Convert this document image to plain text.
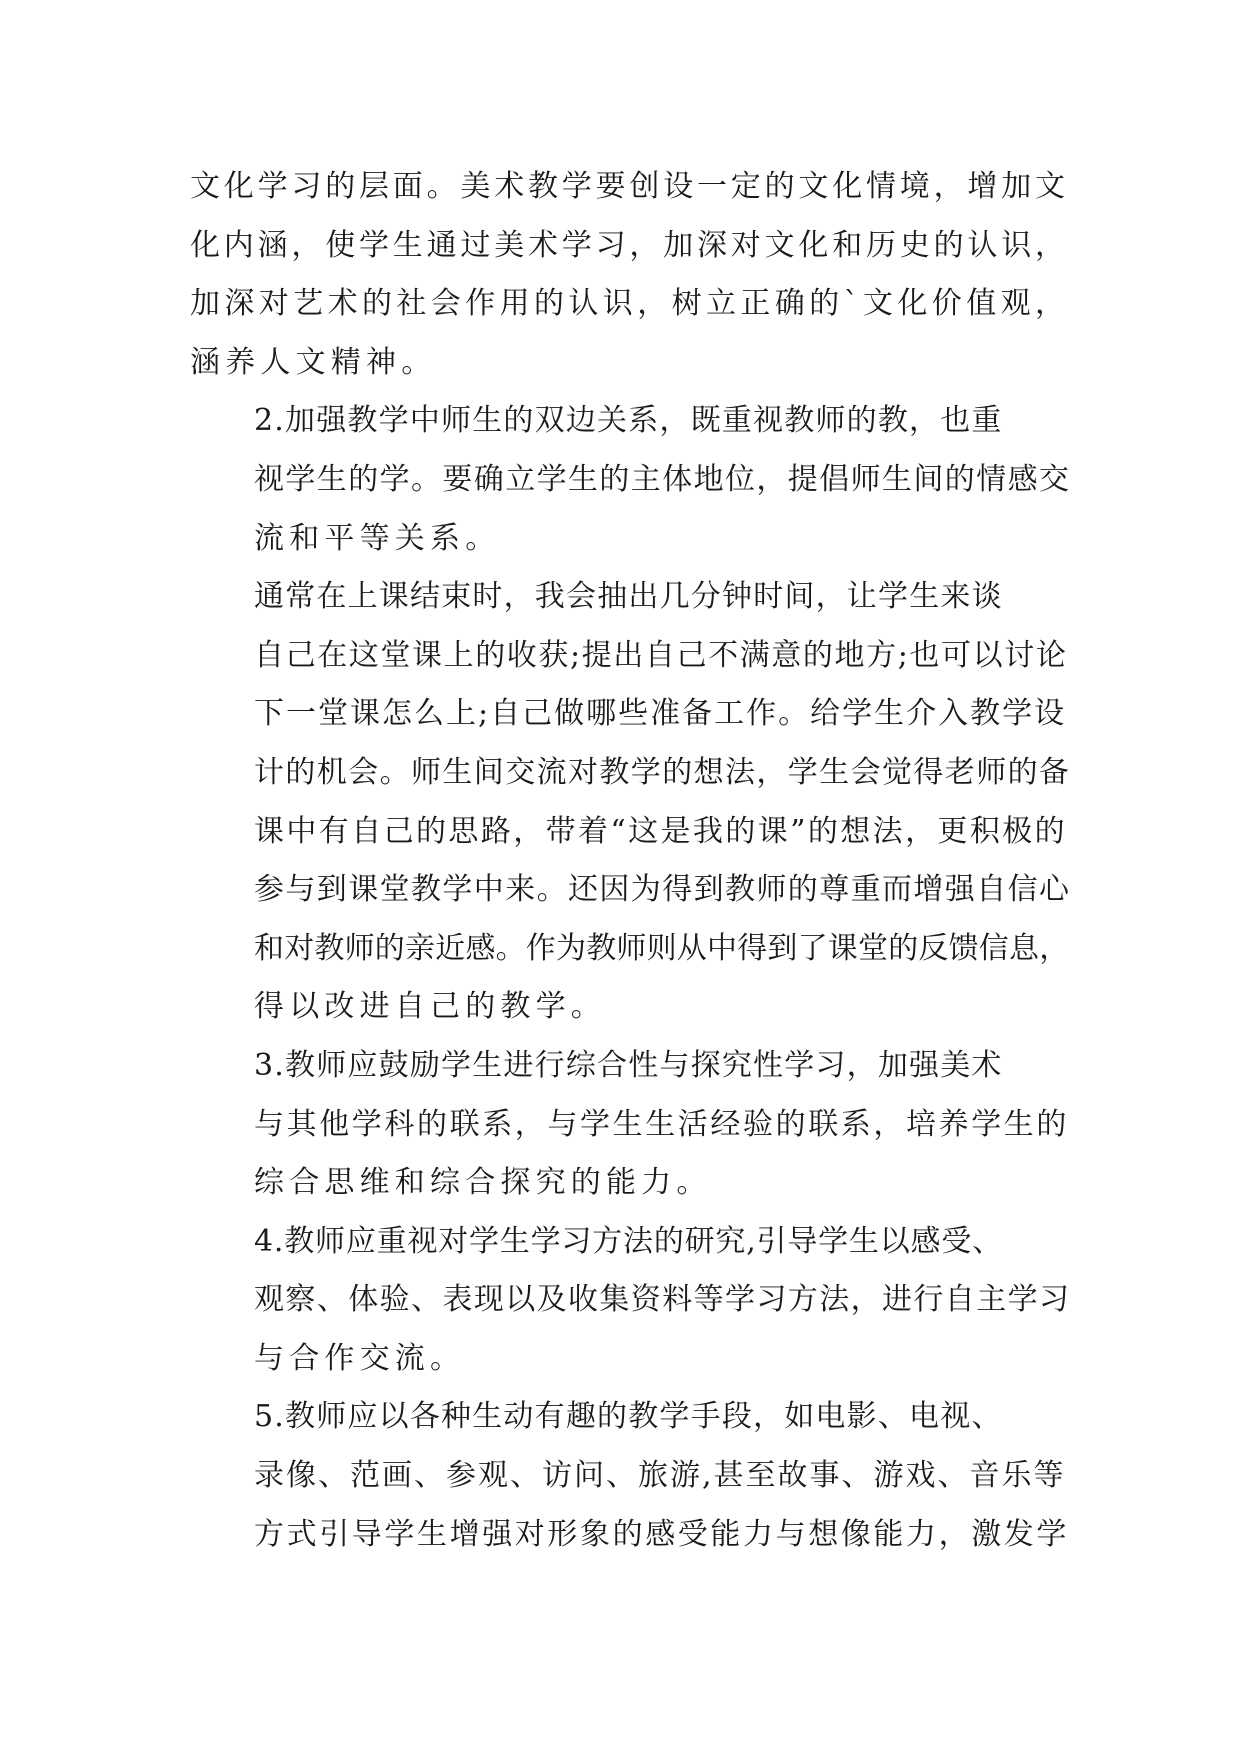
文化学习的层面。美术教学要创设一定的文化情境，增加文
化内涵，使学生通过美术学习，加深对文化和历史的认识，
加深对艺术的社会作用的认识，树立正确的`文化价值观，
涵养人文精神。

2.加强教学中师生的双边关系，既重视教师的教，也重
视学生的学。要确立学生的主体地位，提倡师生间的情感交
流和平等关系。

通常在上课结束时，我会抽出几分钟时间，让学生来谈
自己在这堂课上的收获;提出自己不满意的地方;也可以讨论
下一堂课怎么上;自己做哪些准备工作。给学生介入教学设
计的机会。师生间交流对教学的想法，学生会觉得老师的备
课中有自己的思路，带着“这是我的课”的想法，更积极的
参与到课堂教学中来。还因为得到教师的尊重而增强自信心
和对教师的亲近感。作为教师则从中得到了课堂的反馈信息，
得以改进自己的教学。

3.教师应鼓励学生进行综合性与探究性学习，加强美术
与其他学科的联系，与学生生活经验的联系，培养学生的
综合思维和综合探究的能力。

4.教师应重视对学生学习方法的研究,引导学生以感受、
观察、体验、表现以及收集资料等学习方法，进行自主学习
与合作交流。

5.教师应以各种生动有趣的教学手段，如电影、电视、
录像、范画、参观、访问、旅游,甚至故事、游戏、音乐等
方式引导学生增强对形象的感受能力与想像能力，激发学
